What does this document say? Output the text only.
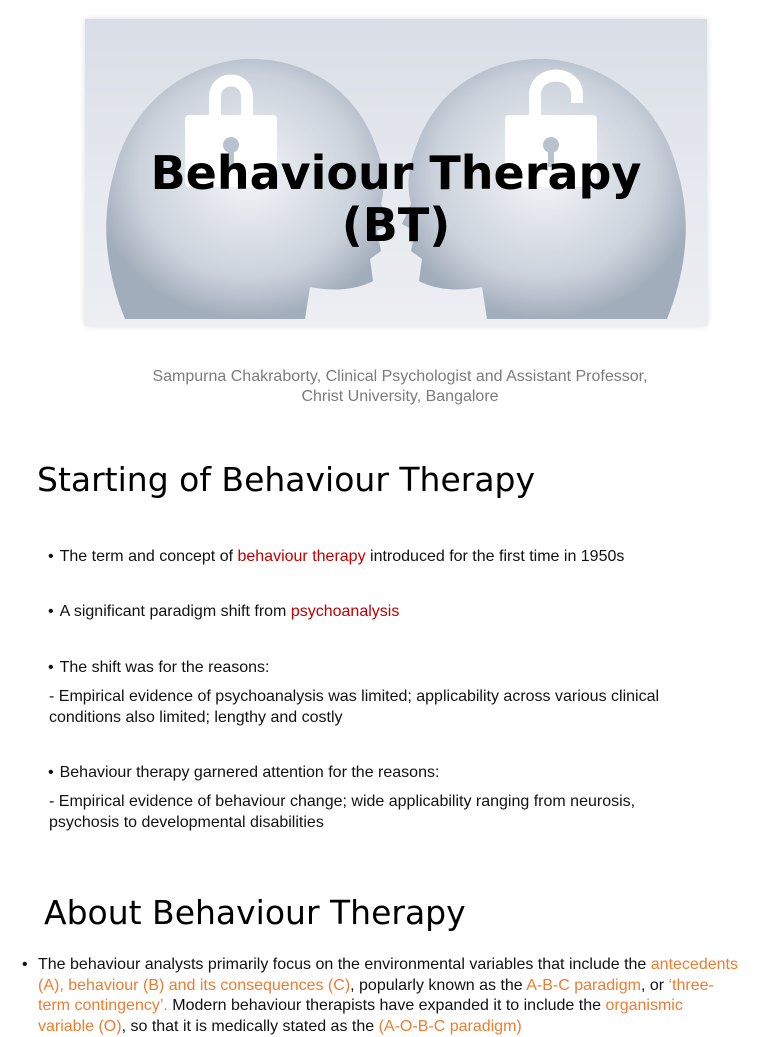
Behaviour Therapy
(BT)
Sampurna Chakraborty, Clinical Psychologist and Assistant Professor,
Christ University, Bangalore
Starting of Behaviour Therapy
• The term and concept of behaviour therapy introduced for the first time in 1950s
• A significant paradigm shift from psychoanalysis
• The shift was for the reasons:
- Empirical evidence of psychoanalysis was limited; applicability across various clinical conditions also limited; lengthy and costly
• Behaviour therapy garnered attention for the reasons:
- Empirical evidence of behaviour change; wide applicability ranging from neurosis, psychosis to developmental disabilities
About Behaviour Therapy
• The behaviour analysts primarily focus on the environmental variables that include the antecedents (A), behaviour (B) and its consequences (C), popularly known as the A-B-C paradigm, or ‘three-term contingency’. Modern behaviour therapists have expanded it to include the organismic variable (O), so that it is medically stated as the (A-O-B-C paradigm)
